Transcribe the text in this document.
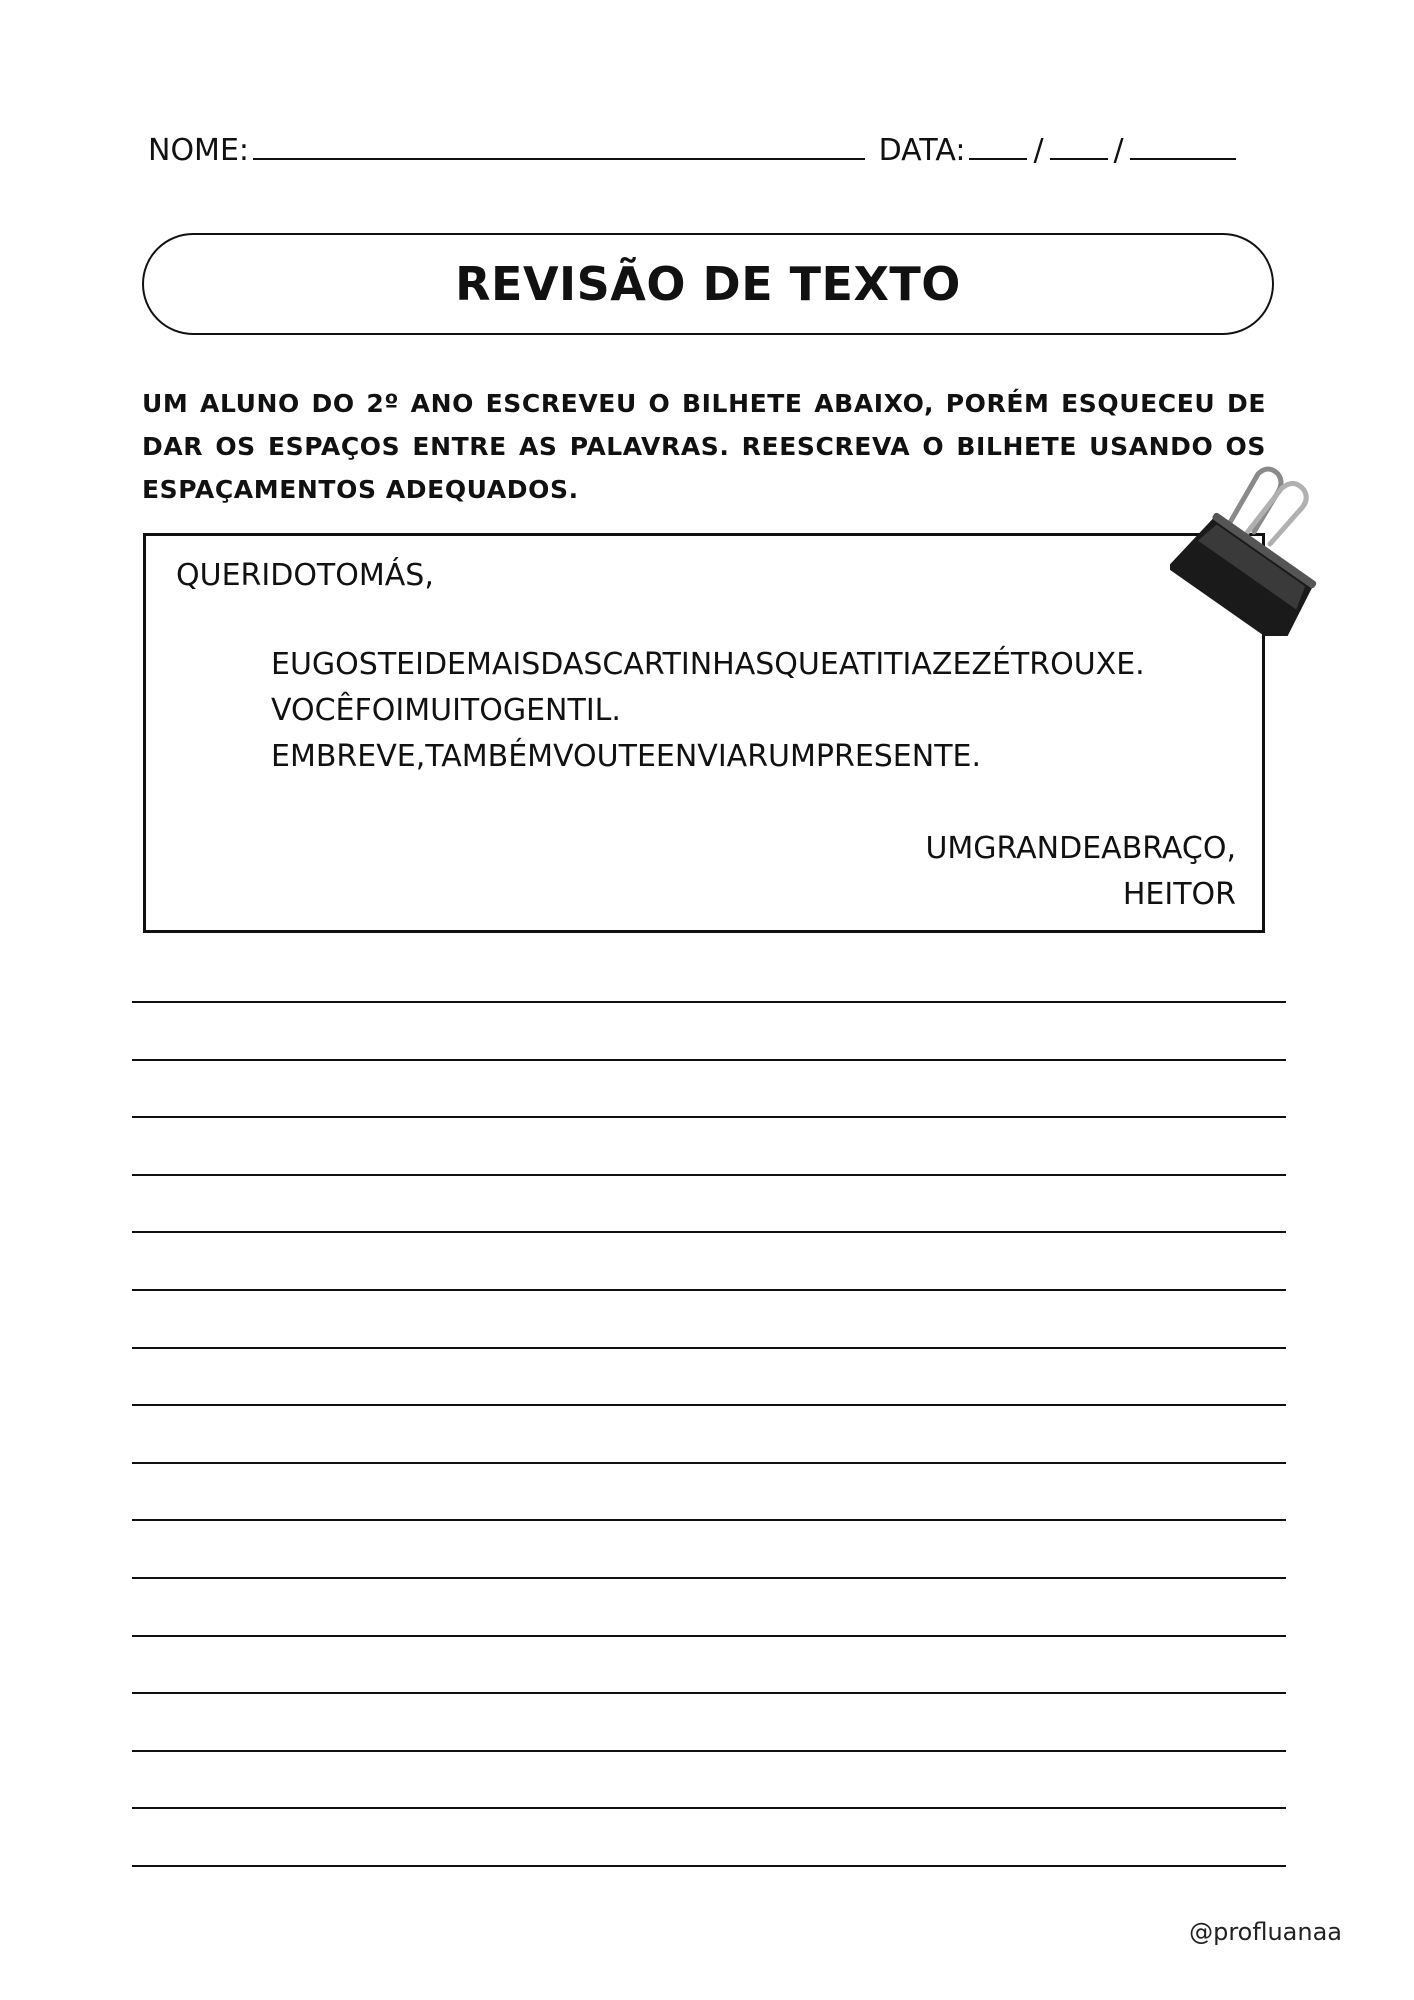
NOME:	DATA: / /
REVISÃO DE TEXTO
UM ALUNO DO 2º ANO ESCREVEU O BILHETE ABAIXO, PORÉM ESQUECEU DE DAR OS ESPAÇOS ENTRE AS PALAVRAS. REESCREVA O BILHETE USANDO OS ESPAÇAMENTOS ADEQUADOS.
QUERIDOTOMÁS,
EUGOSTEIDEMAISDASCARTINHASQUEATITIAZEZÉTROUXE.
VOCÊFOIMUITOGENTIL.
EMBREVE,TAMBÉMVOUTEENVIARUMPRESENTE.
UMGRANDEABRAÇO,
HEITOR
@profluanaa
